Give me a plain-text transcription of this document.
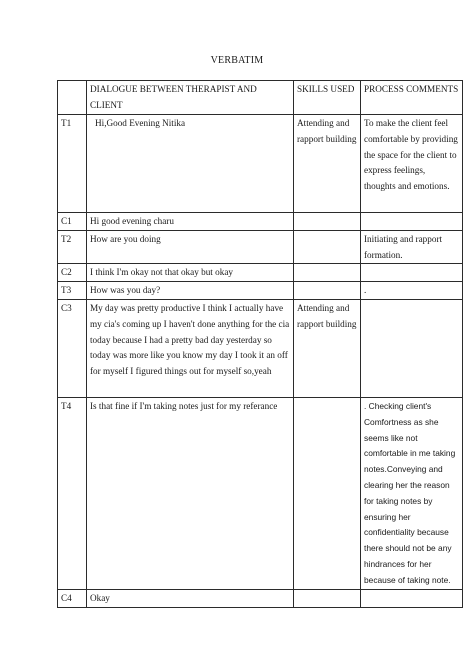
VERBATIM
	DIALOGUE BETWEEN THERAPIST AND CLIENT	SKILLS USED	PROCESS COMMENTS
T1	Hi,Good Evening Nitika	Attending and rapport building	To make the client feel comfortable by providing the space for the client to express feelings, thoughts and emotions.
C1	Hi good evening charu		
T2	How are you doing		Initiating and rapport formation.
C2	I think I'm okay not that okay but okay		
T3	How was you day?		.
C3	My day was pretty productive I think I actually have my cia's coming up I haven't done anything for the cia today because I had a pretty bad day yesterday so today was more like you know my day I took it an off for myself I figured things out for myself so,yeah	Attending and rapport building	
T4	Is that fine if I'm taking notes just for my referance		. Checking client's Comfortness as she seems like not comfortable in me taking notes.Conveying and clearing her the reason for taking notes by ensuring her confidentiality because there should not be any hindrances for her because of taking note.
C4	Okay		
